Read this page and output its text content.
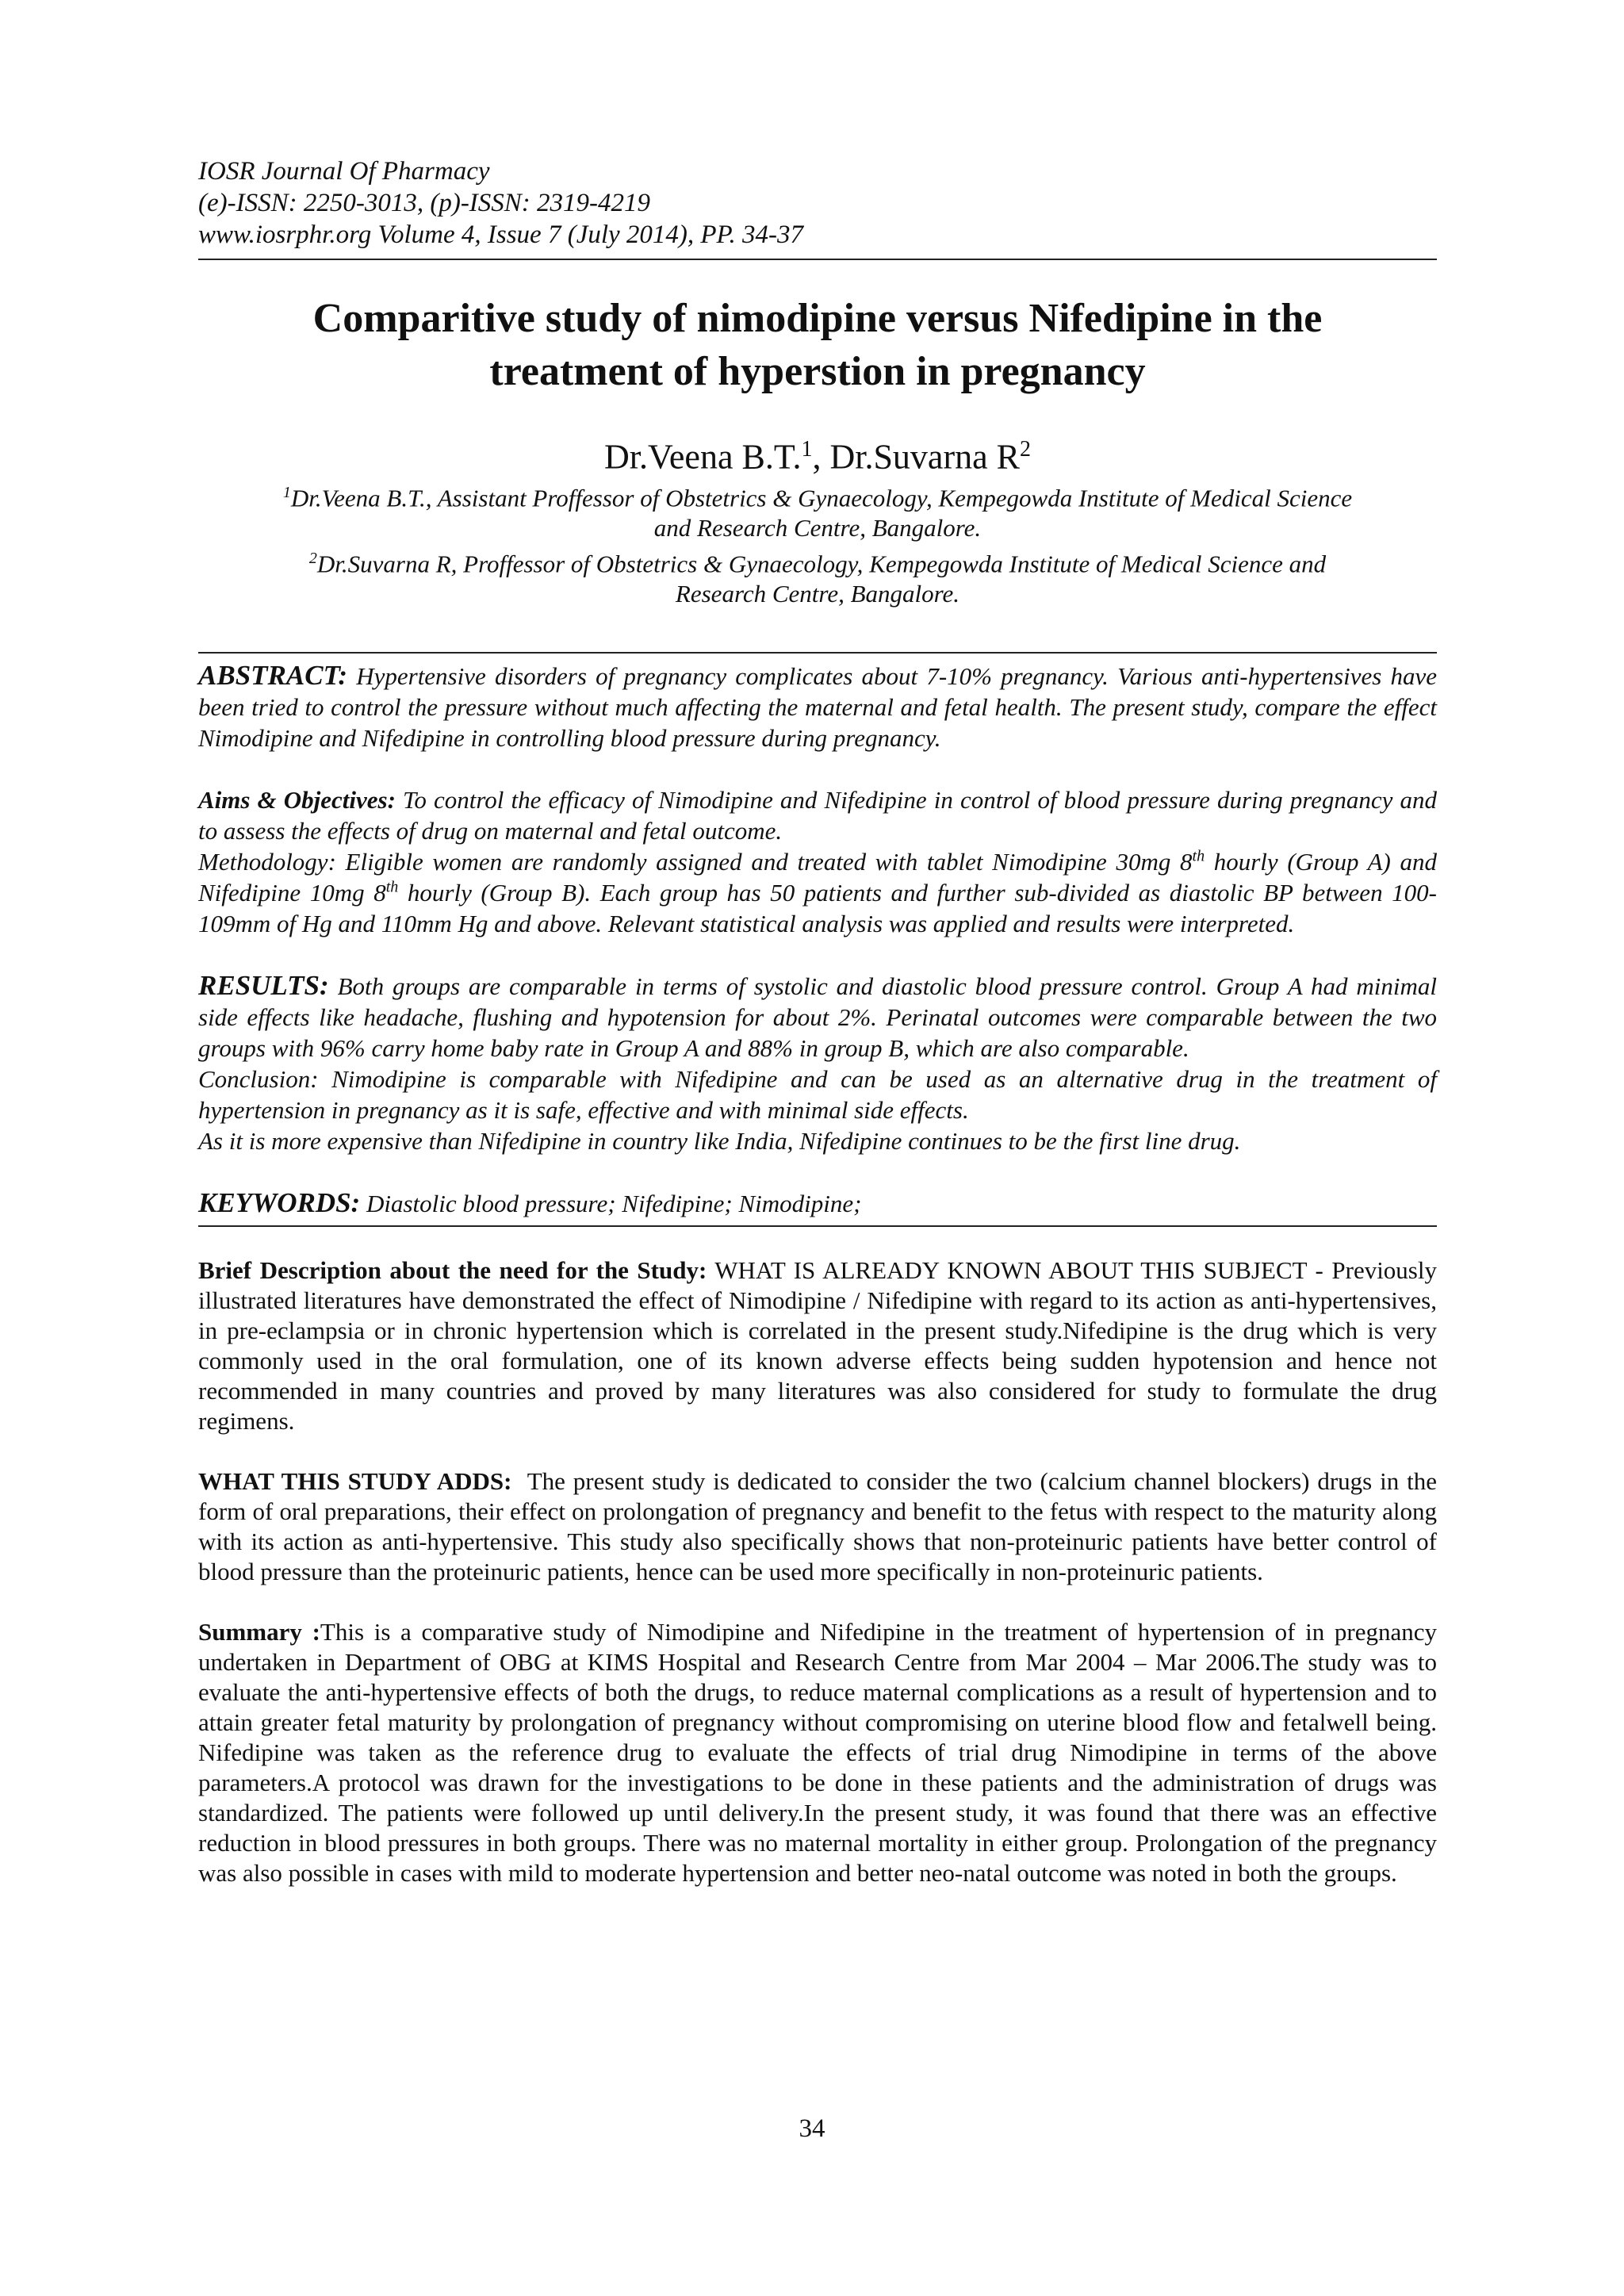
IOSR Journal Of Pharmacy
(e)-ISSN: 2250-3013, (p)-ISSN: 2319-4219
www.iosrphr.org Volume 4, Issue 7 (July 2014), PP. 34-37
Comparitive study of nimodipine versus Nifedipine in the treatment of hyperstion in pregnancy
Dr.Veena B.T.$^1$, Dr.Suvarna $R^2$
$^1$Dr.Veena B.T., Assistant Proffessor of Obstetrics & Gynaecology, Kempegowda Institute of Medical Science and Research Centre, Bangalore.
$^2$Dr.Suvarna R, Proffessor of Obstetrics & Gynaecology, Kempegowda Institute of Medical Science and Research Centre, Bangalore.

ABSTRACT: Hypertensive disorders of pregnancy complicates about 7-10% pregnancy. Various anti-hypertensives have been tried to control the pressure without much affecting the maternal and fetal health. The present study, compare the effect Nimodipine and Nifedipine in controlling blood pressure during pregnancy.

Aims & Objectives: To control the efficacy of Nimodipine and Nifedipine in control of blood pressure during pregnancy and to assess the effects of drug on maternal and fetal outcome.

Methodology: Eligible women are randomly assigned and treated with tablet Nimodipine 30mg 8th hourly (Group A) and Nifedipine 10mg 8th hourly (Group B). Each group has 50 patients and further sub-divided as diastolic BP between 100-109mm of Hg and 110mm Hg and above. Relevant statistical analysis was applied and results were interpreted.

RESULTS: Both groups are comparable in terms of systolic and diastolic blood pressure control. Group A had minimal side effects like headache, flushing and hypotension for about 2%. Perinatal outcomes were comparable between the two groups with 96% carry home baby rate in Group A and 88% in group B, which are also comparable.

Conclusion: Nimodipine is comparable with Nifedipine and can be used as an alternative drug in the treatment of hypertension in pregnancy as it is safe, effective and with minimal side effects.

As it is more expensive than Nifedipine in country like India, Nifedipine continues to be the first line drug.

KEYWORDS: Diastolic blood pressure; Nifedipine; Nimodipine;

Brief Description about the need for the Study: WHAT IS ALREADY KNOWN ABOUT THIS SUBJECT - Previously illustrated literatures have demonstrated the effect of Nimodipine / Nifedipine with regard to its action as anti-hypertensives, in pre-eclampsia or in chronic hypertension which is correlated in the present study.Nifedipine is the drug which is very commonly used in the oral formulation, one of its known adverse effects being sudden hypotension and hence not recommended in many countries and proved by many literatures was also considered for study to formulate the drug regimens.

WHAT THIS STUDY ADDS: The present study is dedicated to consider the two (calcium channel blockers) drugs in the form of oral preparations, their effect on prolongation of pregnancy and benefit to the fetus with respect to the maturity along with its action as anti-hypertensive. This study also specifically shows that non-proteinuric patients have better control of blood pressure than the proteinuric patients, hence can be used more specifically in non-proteinuric patients.

Summary :This is a comparative study of Nimodipine and Nifedipine in the treatment of hypertension of in pregnancy undertaken in Department of OBG at KIMS Hospital and Research Centre from Mar 2004 – Mar 2006.The study was to evaluate the anti-hypertensive effects of both the drugs, to reduce maternal complications as a result of hypertension and to attain greater fetal maturity by prolongation of pregnancy without compromising on uterine blood flow and fetalwell being. Nifedipine was taken as the reference drug to evaluate the effects of trial drug Nimodipine in terms of the above parameters.A protocol was drawn for the investigations to be done in these patients and the administration of drugs was standardized. The patients were followed up until delivery.In the present study, it was found that there was an effective reduction in blood pressures in both groups. There was no maternal mortality in either group. Prolongation of the pregnancy was also possible in cases with mild to moderate hypertension and better neo-natal outcome was noted in both the groups.

34
